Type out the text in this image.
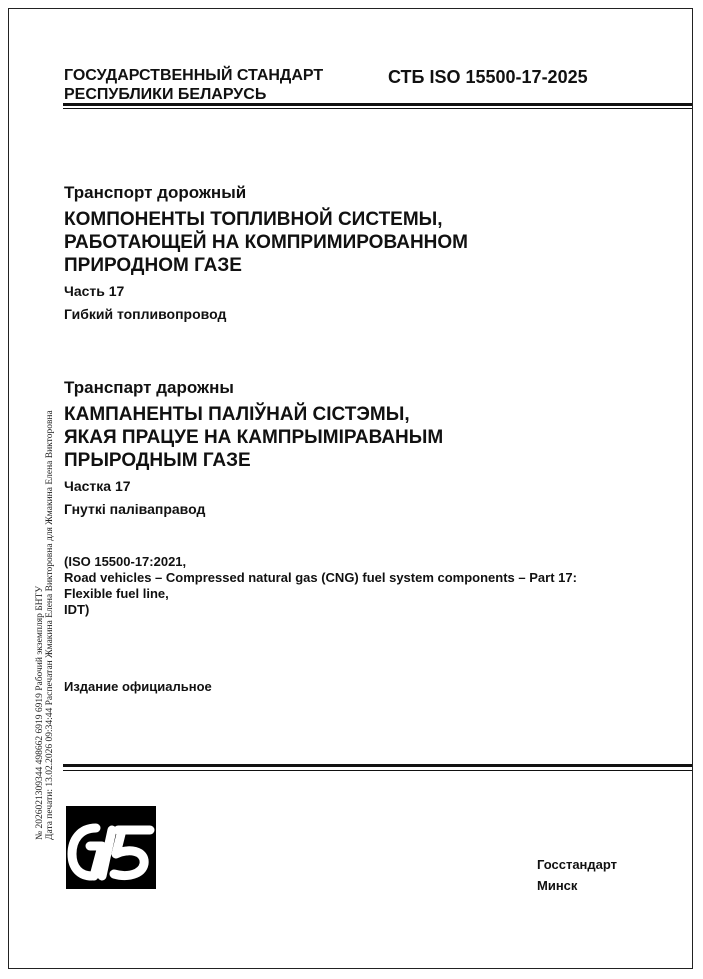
ГОСУДАРСТВЕННЫЙ СТАНДАРТ
РЕСПУБЛИКИ БЕЛАРУСЬ
СТБ ISO 15500-17-2025
Транспорт дорожный
КОМПОНЕНТЫ ТОПЛИВНОЙ СИСТЕМЫ,
РАБОТАЮЩЕЙ НА КОМПРИМИРОВАННОМ
ПРИРОДНОМ ГАЗЕ
Часть 17
Гибкий топливопровод
Транспарт дарожны
КАМПАНЕНТЫ ПАЛІЎНАЙ СІСТЭМЫ,
ЯКАЯ ПРАЦУЕ НА КАМПРЫМІРАВАНЫМ
ПРЫРОДНЫМ ГАЗЕ
Частка 17
Гнуткі паліваправод
(ISO 15500-17:2021,
Road vehicles – Compressed natural gas (CNG) fuel system components – Part 17:
Flexible fuel line,
IDT)
Издание официальное
Госстандарт
Минск
№ 2026021309344 498662 6919 6919 Рабочий экземпляр БНТУ Дата печати: 13.02.2026 09:34:44 Распечатан Жмакина Елена Викторовна для Жмакина Елена Викторовна
